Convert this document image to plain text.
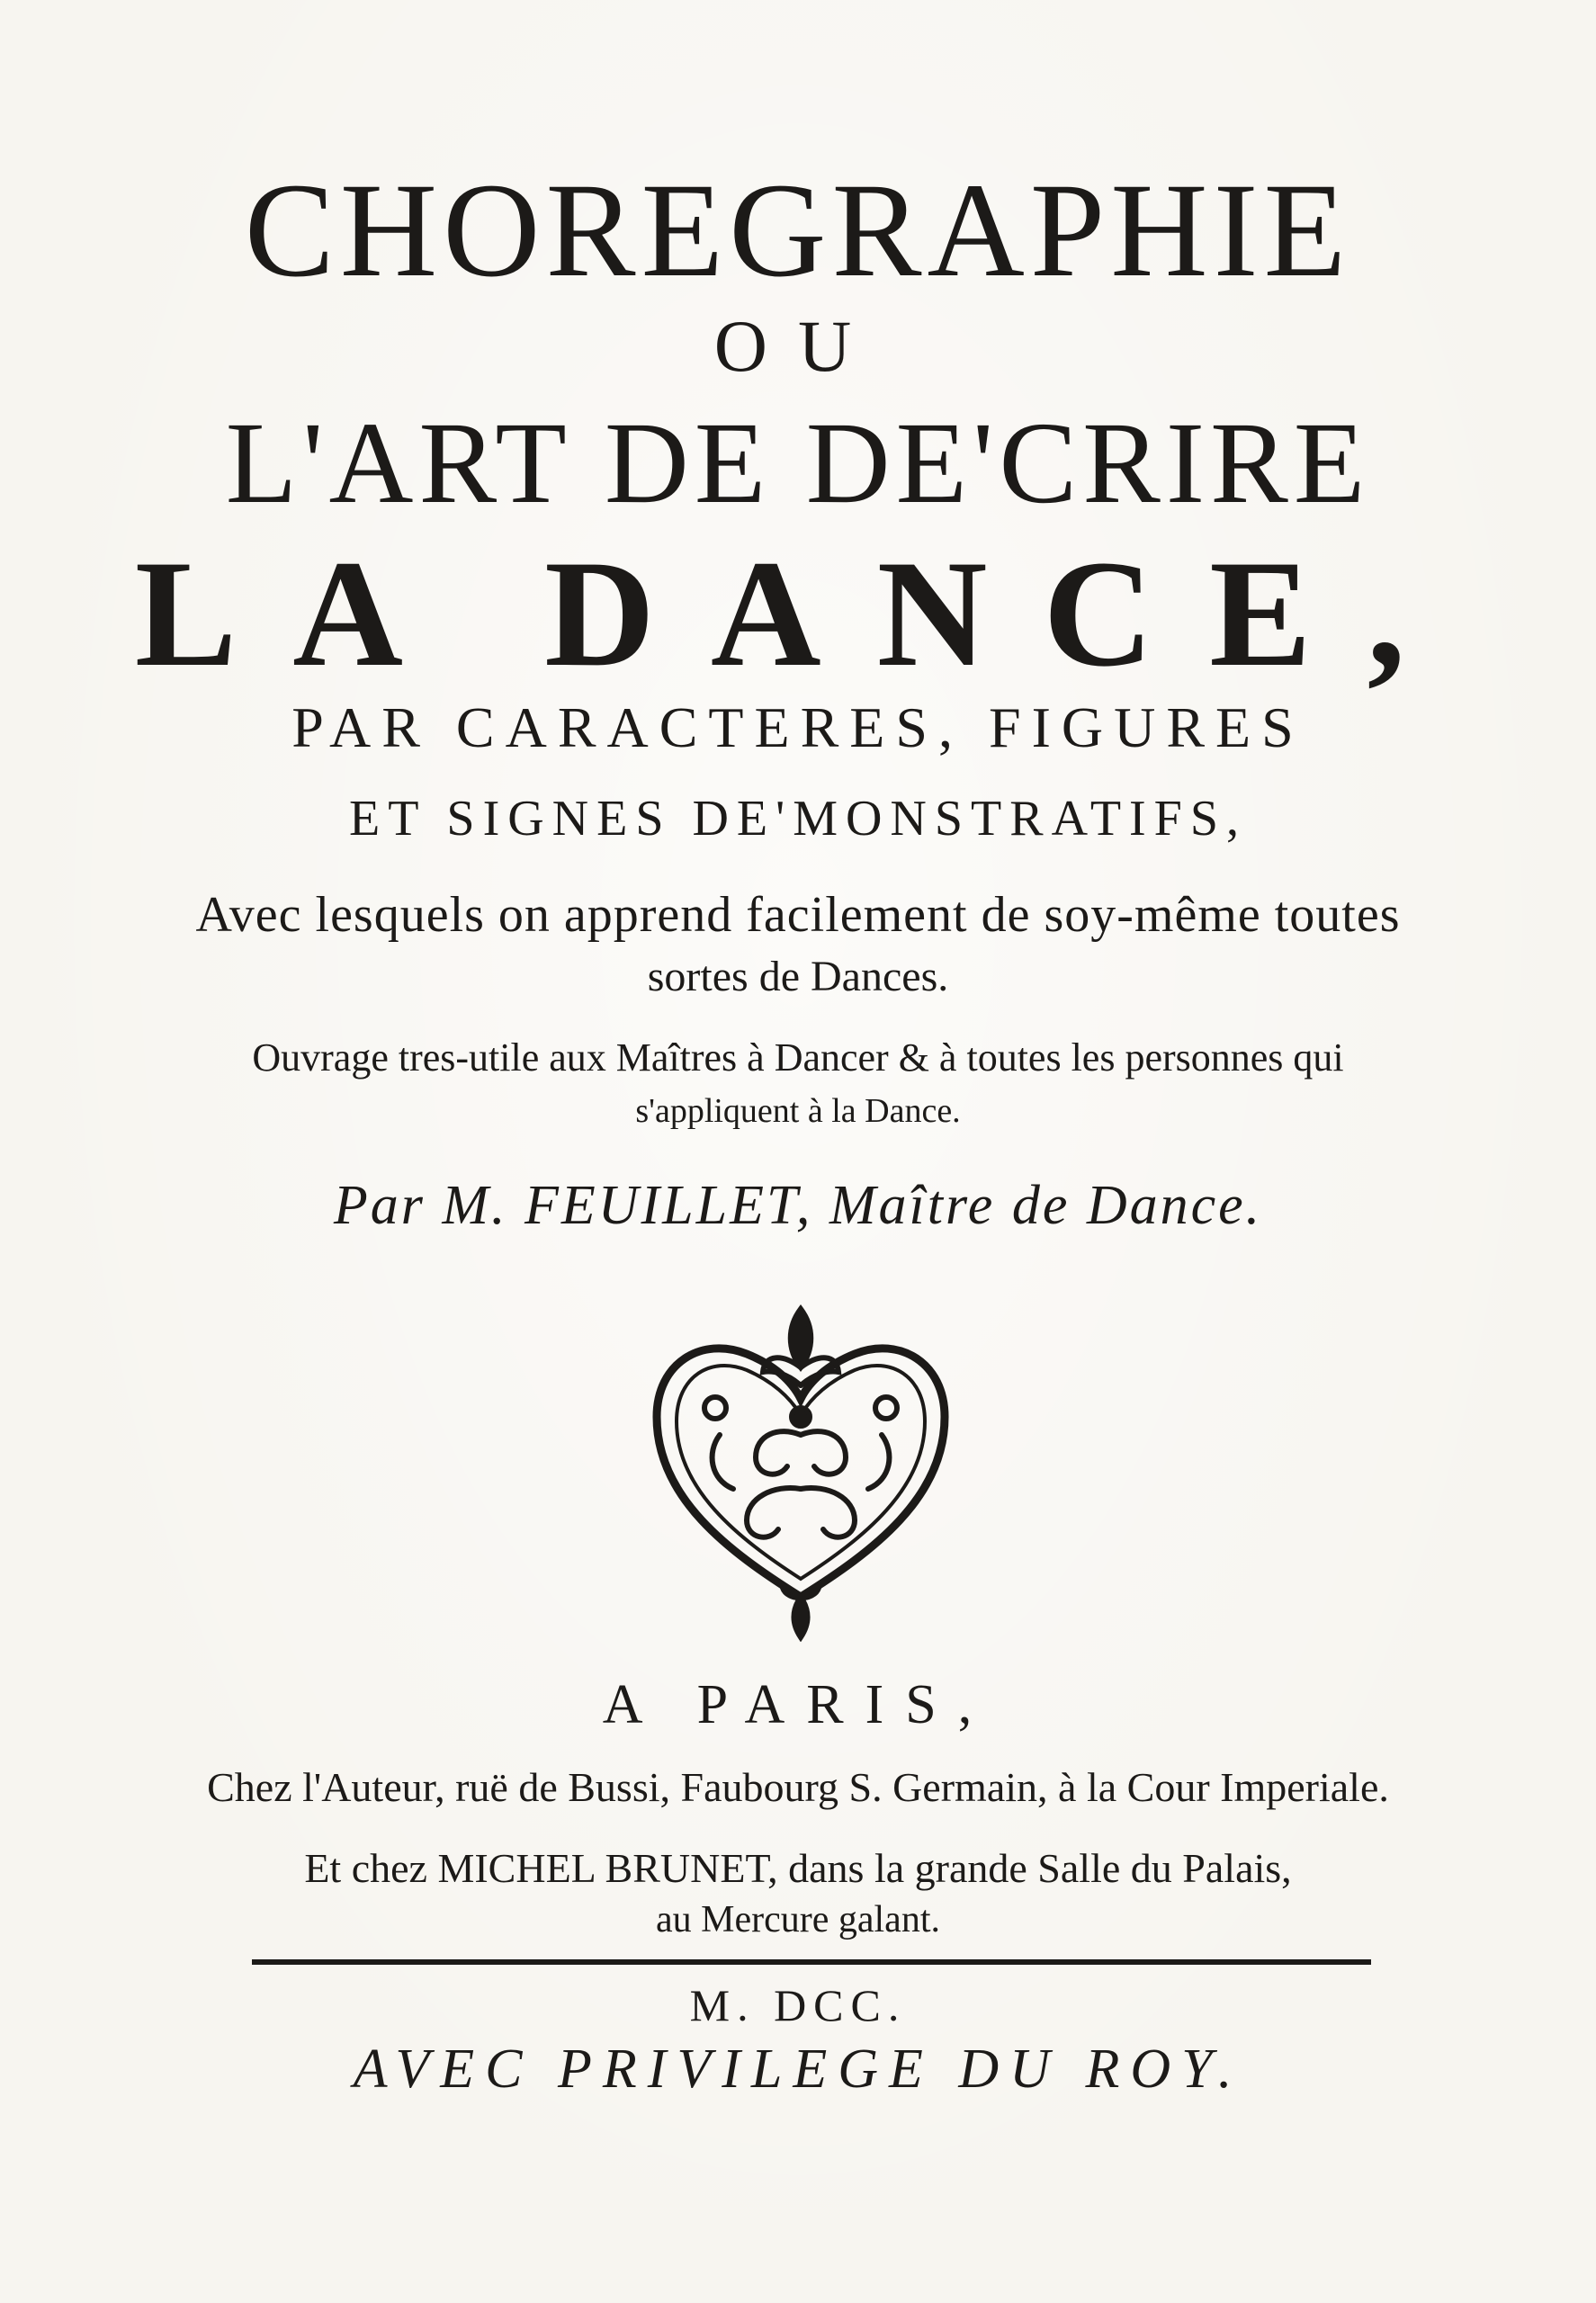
CHOREGRAPHIE
OU
L'ART DE DE'CRIRE
LA DANCE,
PAR CARACTERES, FIGURES
ET SIGNES DE'MONSTRATIFS,
Avec lesquels on apprend facilement de soy-même toutes
sortes de Dances.
Ouvrage tres-utile aux Maîtres à Dancer & à toutes les personnes qui
s'appliquent à la Dance.
Par M. FEUILLET, Maître de Dance.
A PARIS,
Chez l'Auteur, ruë de Bussi, Faubourg S. Germain, à la Cour Imperiale.
Et chez MICHEL BRUNET, dans la grande Salle du Palais,
au Mercure galant.
M. DCC.
AVEC PRIVILEGE DU ROY.
